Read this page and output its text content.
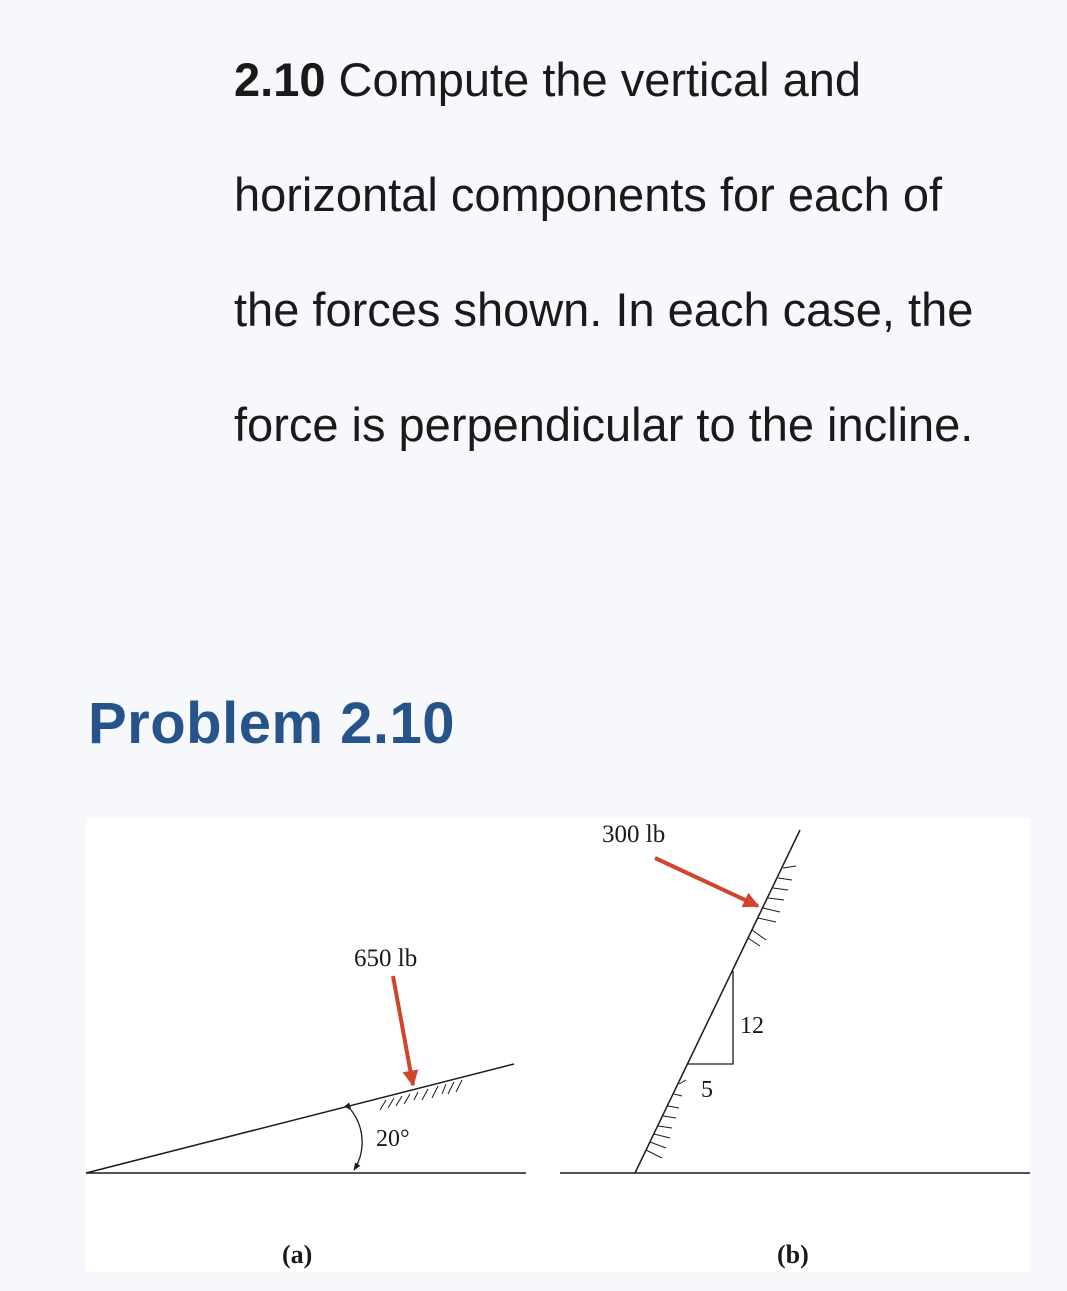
2.10 Compute the vertical and
horizontal components for each of
the forces shown. In each case, the
force is perpendicular to the incline.
Problem 2.10
650 lb
20°
(a)
12
5
300 lb
(b)
